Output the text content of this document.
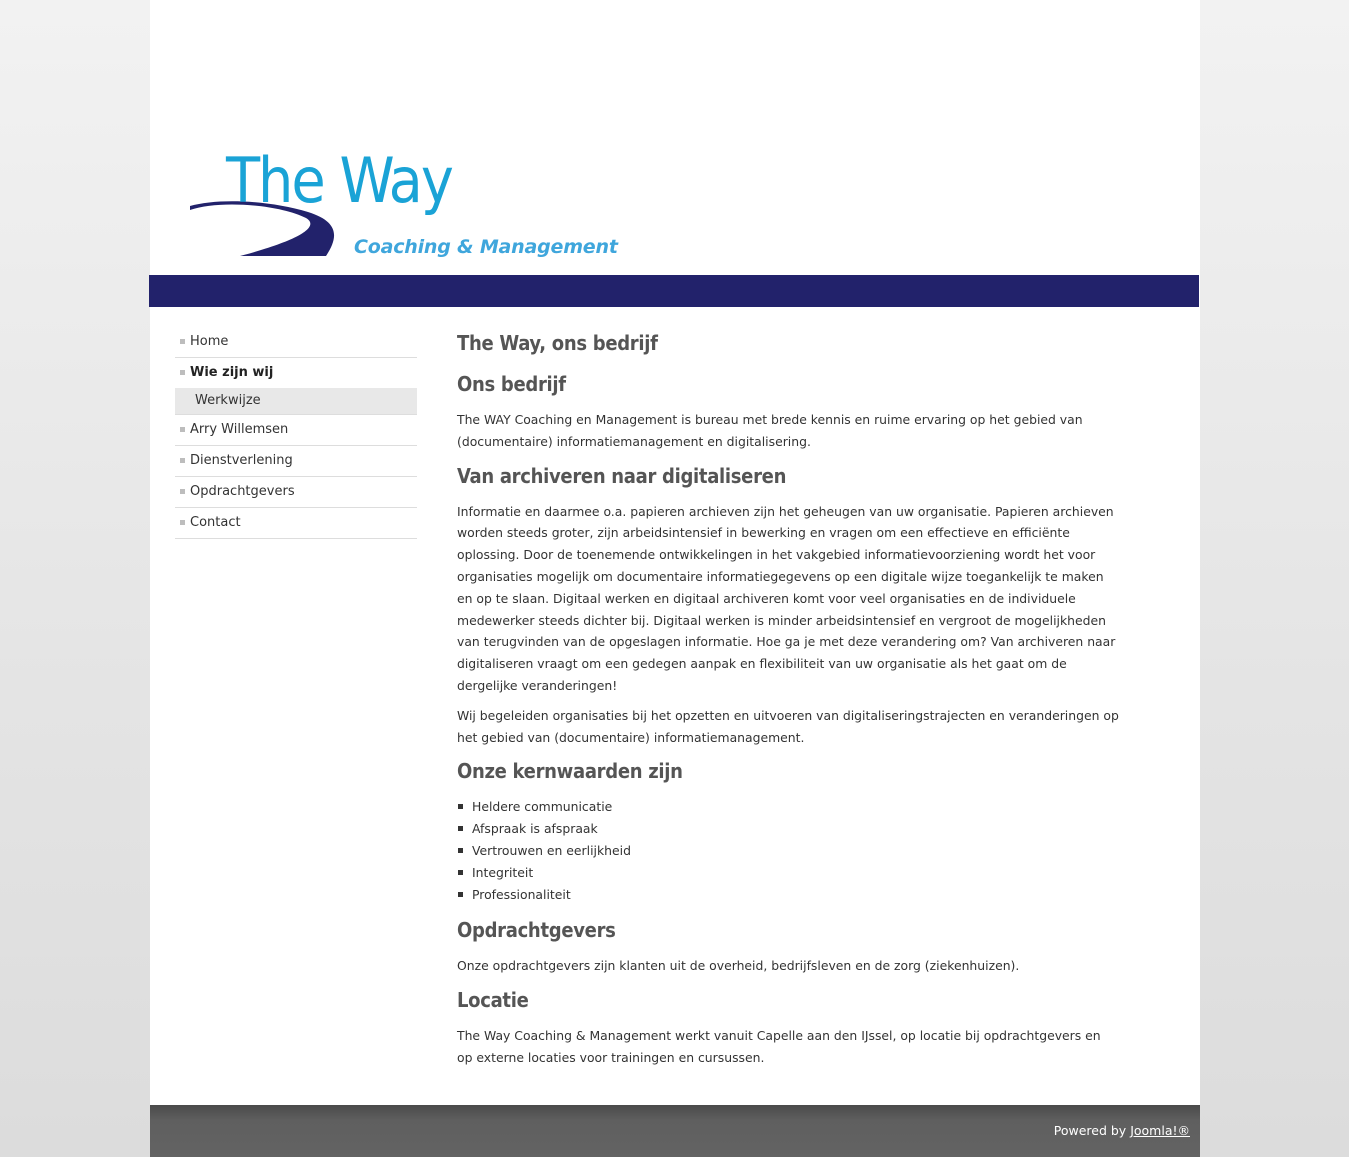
The Way
Coaching & Management
Home
Wie zijn wij
Werkwijze
Arry Willemsen
Dienstverlening
Opdrachtgevers
Contact
The Way, ons bedrijf
Ons bedrijf

The WAY Coaching en Management is bureau met brede kennis en ruime ervaring op het gebied van (documentaire) informatiemanagement en digitalisering.

Van archiveren naar digitaliseren

Informatie en daarmee o.a. papieren archieven zijn het geheugen van uw organisatie. Papieren archieven worden steeds groter, zijn arbeidsintensief in bewerking en vragen om een effectieve en efficiënte oplossing. Door de toenemende ontwikkelingen in het vakgebied informatievoorziening wordt het voor organisaties mogelijk om documentaire informatiegegevens op een digitale wijze toegankelijk te maken en op te slaan. Digitaal werken en digitaal archiveren komt voor veel organisaties en de individuele medewerker steeds dichter bij. Digitaal werken is minder arbeidsintensief en vergroot de mogelijkheden van terugvinden van de opgeslagen informatie. Hoe ga je met deze verandering om? Van archiveren naar digitaliseren vraagt om een gedegen aanpak en flexibiliteit van uw organisatie als het gaat om de dergelijke veranderingen!

Wij begeleiden organisaties bij het opzetten en uitvoeren van digitaliseringstrajecten en veranderingen op het gebied van (documentaire) informatiemanagement.

Onze kernwaarden zijn
Heldere communicatie
Afspraak is afspraak
Vertrouwen en eerlijkheid
Integriteit
Professionaliteit
Opdrachtgevers

Onze opdrachtgevers zijn klanten uit de overheid, bedrijfsleven en de zorg (ziekenhuizen).

Locatie

The Way Coaching & Management werkt vanuit Capelle aan den IJssel, op locatie bij opdrachtgevers en op externe locaties voor trainingen en cursussen.

Powered by Joomla!®
